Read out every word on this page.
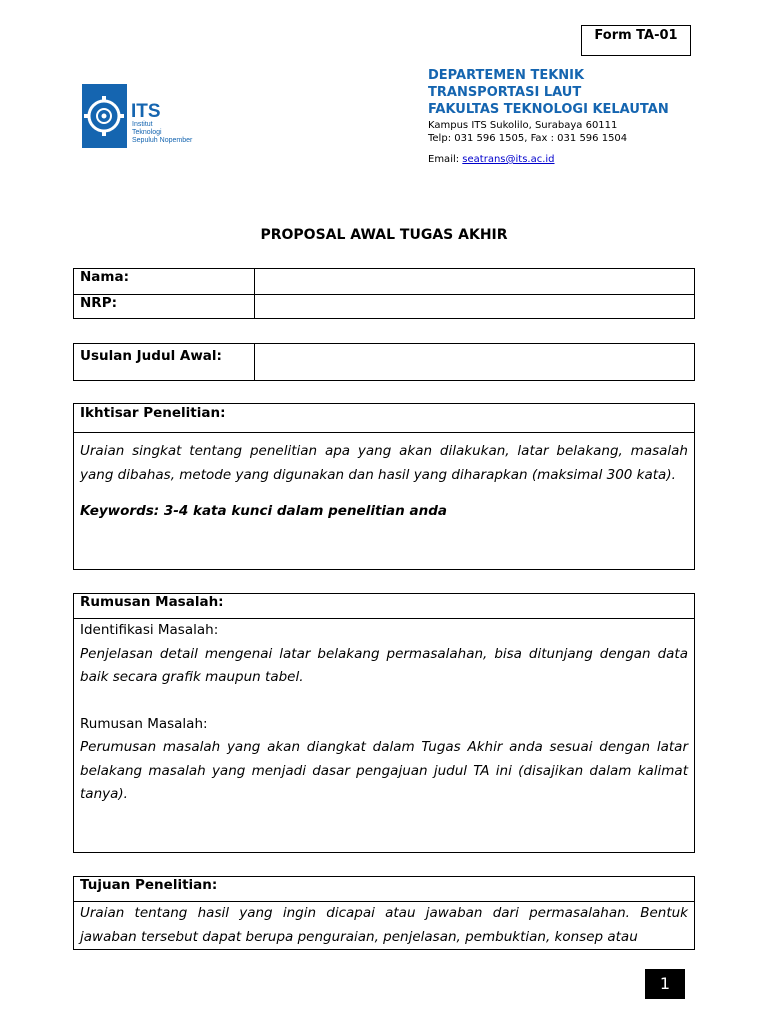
Form TA-01
ITS
Institut
Teknologi
Sepuluh Nopember
DEPARTEMEN TEKNIK
TRANSPORTASI LAUT
FAKULTAS TEKNOLOGI KELAUTAN
Kampus ITS Sukolilo, Surabaya 60111
Telp: 031 596 1505, Fax : 031 596 1504
Email: seatrans@its.ac.id
PROPOSAL AWAL TUGAS AKHIR
Nama:	
NRP:	
Usulan Judul Awal:	
Ikhtisar Penelitian:

Uraian singkat tentang penelitian apa yang akan dilakukan, latar belakang, masalah yang dibahas, metode yang digunakan dan hasil yang diharapkan (maksimal 300 kata).
Keywords: 3-4 kata kunci dalam penelitian anda
Rumusan Masalah:

Identifikasi Masalah:
Penjelasan detail mengenai latar belakang permasalahan, bisa ditunjang dengan data baik secara grafik maupun tabel.
Rumusan Masalah:
Perumusan masalah yang akan diangkat dalam Tugas Akhir anda sesuai dengan latar belakang masalah yang menjadi dasar pengajuan judul TA ini (disajikan dalam kalimat tanya).
Tujuan Penelitian:

Uraian tentang hasil yang ingin dicapai atau jawaban dari permasalahan. Bentuk jawaban tersebut dapat berupa penguraian, penjelasan, pembuktian, konsep atau
1
